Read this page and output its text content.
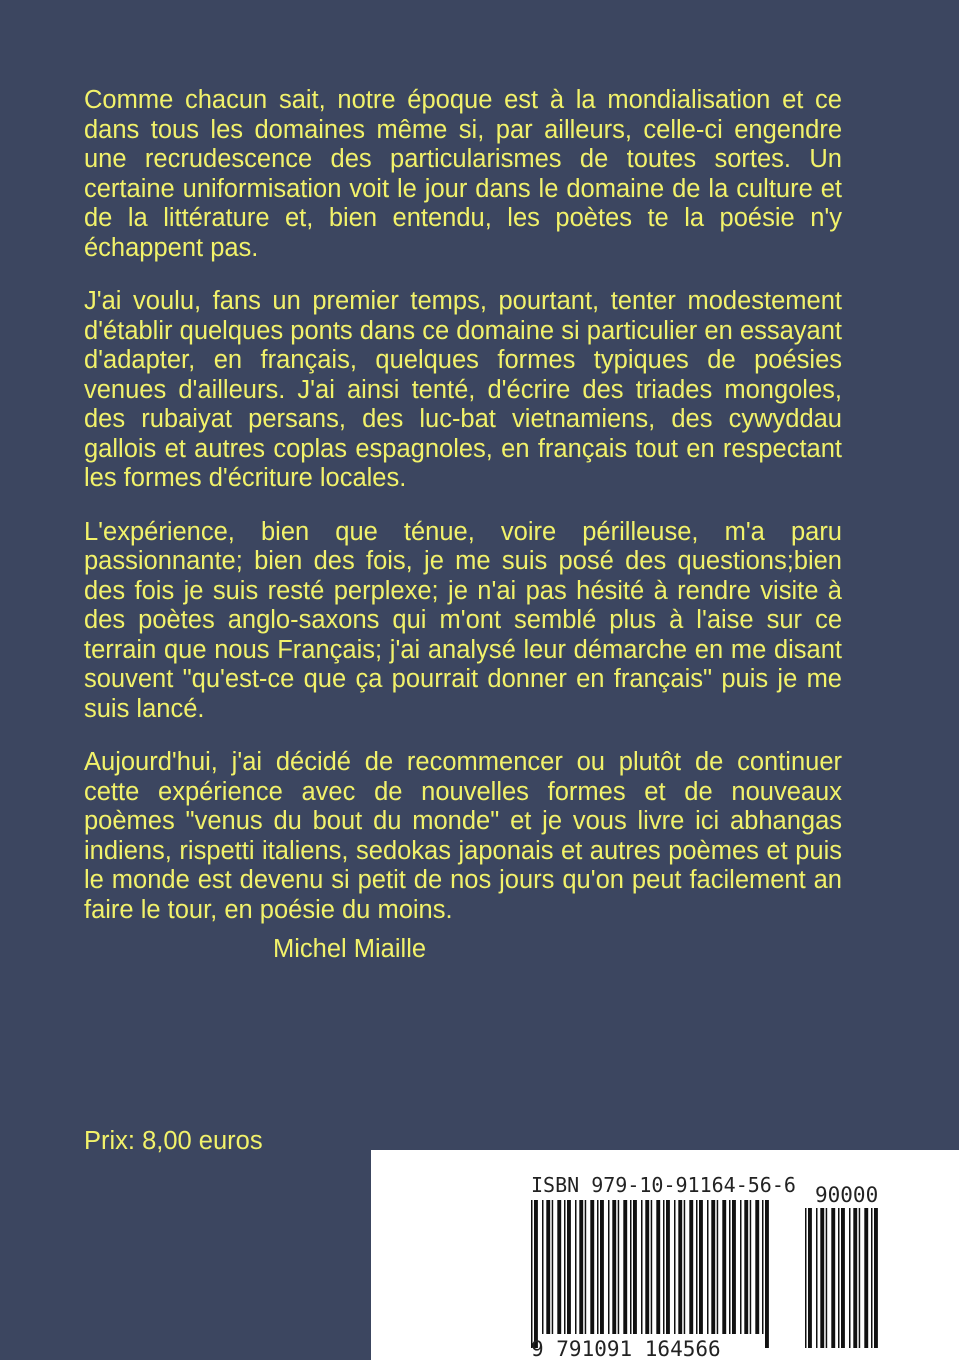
Comme chacun sait, notre époque est à la mondialisation et ce dans tous les domaines même si, par ailleurs, celle-ci engendre une recrudescence des particularismes de toutes sortes. Un certaine uniformisation voit le jour dans le domaine de la culture et de la littérature et, bien entendu, les poètes te la poésie n'y échappent pas.

J'ai voulu, fans un premier temps, pourtant, tenter modestement d'établir quelques ponts dans ce domaine si particulier en essayant d'adapter, en français, quelques formes typiques de poésies venues d'ailleurs. J'ai ainsi tenté, d'écrire des triades mongoles, des rubaiyat persans, des luc-bat vietnamiens, des cywyddau gallois et autres coplas espagnoles, en français tout en respectant les formes d'écriture locales.

L'expérience, bien que ténue, voire périlleuse, m'a paru passionnante; bien des fois, je me suis posé des questions;bien des fois je suis resté perplexe; je n'ai pas hésité à rendre visite à des poètes anglo-saxons qui m'ont semblé plus à l'aise sur ce terrain que nous Français; j'ai analysé leur démarche en me disant souvent "qu'est-ce que ça pourrait donner en français" puis je me suis lancé.

Aujourd'hui, j'ai décidé de recommencer ou plutôt de continuer cette expérience avec de nouvelles formes et de nouveaux poèmes "venus du bout du monde" et je vous livre ici abhangas indiens, rispetti italiens, sedokas japonais et autres poèmes et puis le monde est devenu si petit de nos jours qu'on peut facilement an faire le tour, en poésie du moins.

Michel Miaille
Prix: 8,00 euros
ISBN 979-10-91164-56-6 90000
9 791091 164566
